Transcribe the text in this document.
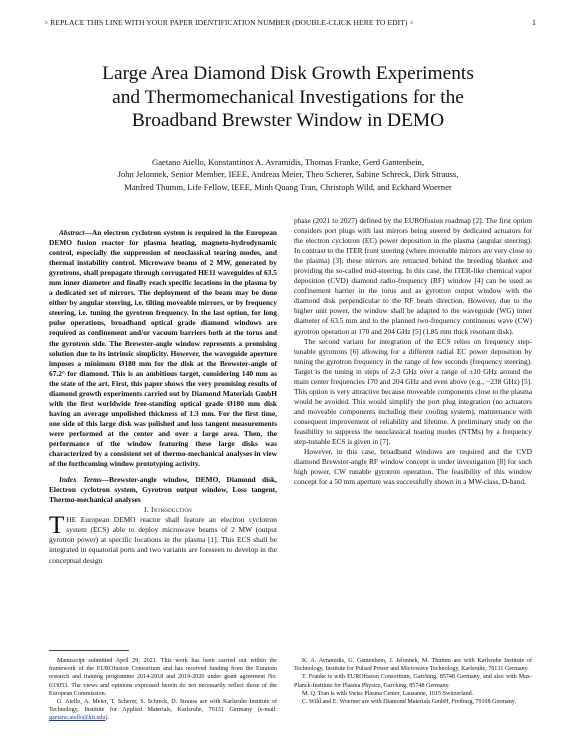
> REPLACE THIS LINE WITH YOUR PAPER IDENTIFICATION NUMBER (DOUBLE-CLICK HERE TO EDIT) <	1
Large Area Diamond Disk Growth Experiments
and Thermomechanical Investigations for the
Broadband Brewster Window in DEMO
Gaetano Aiello, Konstantinos A. Avramidis, Thomas Franke, Gerd Gantenbein,
John Jelonnek, Senior Member, IEEE, Andreas Meier, Theo Scherer, Sabine Schreck, Dirk Strauss,
Manfred Thumm, Life Fellow, IEEE, Minh Quang Tran, Christoph Wild, and Eckhard Woerner

Abstract—An electron cyclotron system is required in the European DEMO fusion reactor for plasma heating, magneto-hydrodynamic control, especially the suppression of neoclassical tearing modes, and thermal instability control. Microwave beams of 2 MW, generated by gyrotrons, shall propagate through corrugated HE11 waveguides of 63.5 mm inner diameter and finally reach specific locations in the plasma by a dedicated set of mirrors. The deployment of the beam may be done either by angular steering, i.e. tilting moveable mirrors, or by frequency steering, i.e. tuning the gyrotron frequency. In the last option, for long pulse operations, broadband optical grade diamond windows are required as confinement and/or vacuum barriers both at the torus and the gyrotron side. The Brewster-angle window represents a promising solution due to its intrinsic simplicity. However, the waveguide aperture imposes a minimum Ø180 mm for the disk at the Brewster-angle of 67.2° for diamond. This is an ambitious target, considering 140 mm as the state of the art. First, this paper shows the very promising results of diamond growth experiments carried out by Diamond Materials GmbH with the first worldwide free-standing optical grade Ø180 mm disk having an average unpolished thickness of 1.3 mm. For the first time, one side of this large disk was polished and loss tangent measurements were performed at the center and over a large area. Then, the performance of the window featuring these large disks was characterized by a consistent set of thermo-mechanical analyses in view of the forthcoming window prototyping activity.

Index Terms—Brewster-angle window, DEMO, Diamond disk, Electron cyclotron system, Gyrotron output window, Loss tangent, Thermo-mechanical analyses

I. Introduction

THE European DEMO reactor shall feature an electron cyclotron system (ECS) able to deploy microwave beams of 2 MW (output gyrotron power) at specific locations in the plasma [1]. This ECS shall be integrated in equatorial ports and two variants are foreseen to develop in the conceptual design

phase (2021 to 2027) defined by the EUROfusion roadmap [2]. The first option considers port plugs with last mirrors being steered by dedicated actuators for the electron cyclotron (EC) power deposition in the plasma (angular steering). In contrast to the ITER front steering (where moveable mirrors are very close to the plasma) [3], these mirrors are retracted behind the breeding blanket and providing the so-called mid-steering. In this case, the ITER-like chemical vapor deposition (CVD) diamond radio-frequency (RF) window [4] can be used as confinement barrier in the torus and as gyrotron output window with the diamond disk perpendicular to the RF beam direction. However, due to the higher unit power, the window shall be adapted to the waveguide (WG) inner diameter of 63.5 mm and to the planned two-frequency continuous wave (CW) gyrotron operation at 170 and 204 GHz [5] (1.85 mm thick resonant disk).

The second variant for integration of the ECS relies on frequency step-tunable gyrotrons [6] allowing for a different radial EC power deposition by tuning the gyrotron frequency in the range of few seconds (frequency steering). Target is the tuning in steps of 2-3 GHz over a range of ±10 GHz around the main center frequencies 170 and 204 GHz and even above (e.g., −238 GHz) [5]. This option is very attractive because moveable components close to the plasma would be avoided. This would simplify the port plug integration (no actuators and moveable components including their cooling system), maintenance with consequent improvement of reliability and lifetime. A preliminary study on the feasibility to suppress the neoclassical tearing modes (NTMs) by a frequency step-tunable ECS is given in [7].

However, in this case, broadband windows are required and the CVD diamond Brewster-angle RF window concept is under investigation [8] for such high power, CW tunable gyrotron operation. The feasibility of this window concept for a 50 mm aperture was successfully shown in a MW-class, D-band,

Manuscript submitted April 29, 2021. This work has been carried out within the framework of the EUROfusion Consortium and has received funding from the Euratom research and training programme 2014-2018 and 2019-2020 under grant agreement No. 633053. The views and opinions expressed herein do not necessarily reflect those of the European Commission.

G. Aiello, A. Meier, T. Scherer, S. Schreck, D. Strauss are with Karlsruhe Institute of Technology, Institute for Applied Materials, Karlsruhe, 76131 Germany (e-mail: gaetano.aiello@kit.edu).

K. A. Avramidis, G. Gantenbein, J. Jelonnek, M. Thumm are with Karlsruhe Institute of Technology, Institute for Pulsed Power and Microwave Technology, Karlsruhe, 76131 Germany.

T. Franke is with EUROfusion Consortium, Garching, 85748 Germany, and also with Max-Planck-Institute for Plasma Physics, Garching, 85748 Germany.

M. Q. Tran is with Swiss Plasma Center, Lausanne, 1015 Switzerland.

C. Wild and E. Woerner are with Diamond Materials GmbH, Freiburg, 79108 Germany.
